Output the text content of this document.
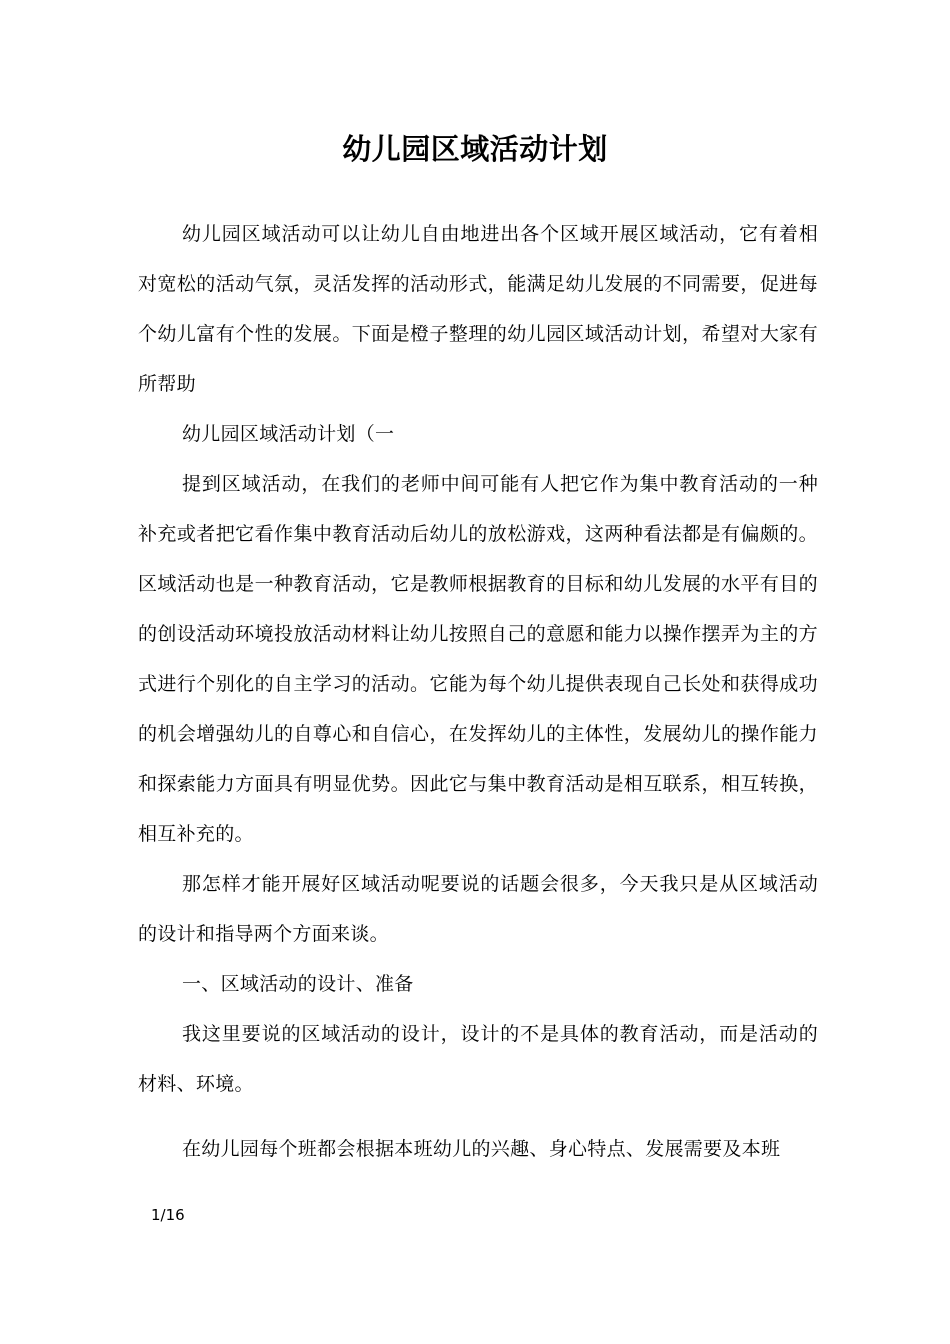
幼儿园区域活动计划

幼儿园区域活动可以让幼儿自由地进出各个区域开展区域活动，它有着相对宽松的活动气氛，灵活发挥的活动形式，能满足幼儿发展的不同需要，促进每个幼儿富有个性的发展。下面是橙子整理的幼儿园区域活动计划，希望对大家有所帮助

幼儿园区域活动计划（一

提到区域活动，在我们的老师中间可能有人把它作为集中教育活动的一种补充或者把它看作集中教育活动后幼儿的放松游戏，这两种看法都是有偏颇的。区域活动也是一种教育活动，它是教师根据教育的目标和幼儿发展的水平有目的的创设活动环境投放活动材料让幼儿按照自己的意愿和能力以操作摆弄为主的方式进行个别化的自主学习的活动。它能为每个幼儿提供表现自己长处和获得成功的机会增强幼儿的自尊心和自信心，在发挥幼儿的主体性，发展幼儿的操作能力和探索能力方面具有明显优势。因此它与集中教育活动是相互联系，相互转换，相互补充的。

那怎样才能开展好区域活动呢要说的话题会很多，今天我只是从区域活动的设计和指导两个方面来谈。

一、区域活动的设计、准备

我这里要说的区域活动的设计，设计的不是具体的教育活动，而是活动的材料、环境。

在幼儿园每个班都会根据本班幼儿的兴趣、身心特点、发展需要及本班

1/16
